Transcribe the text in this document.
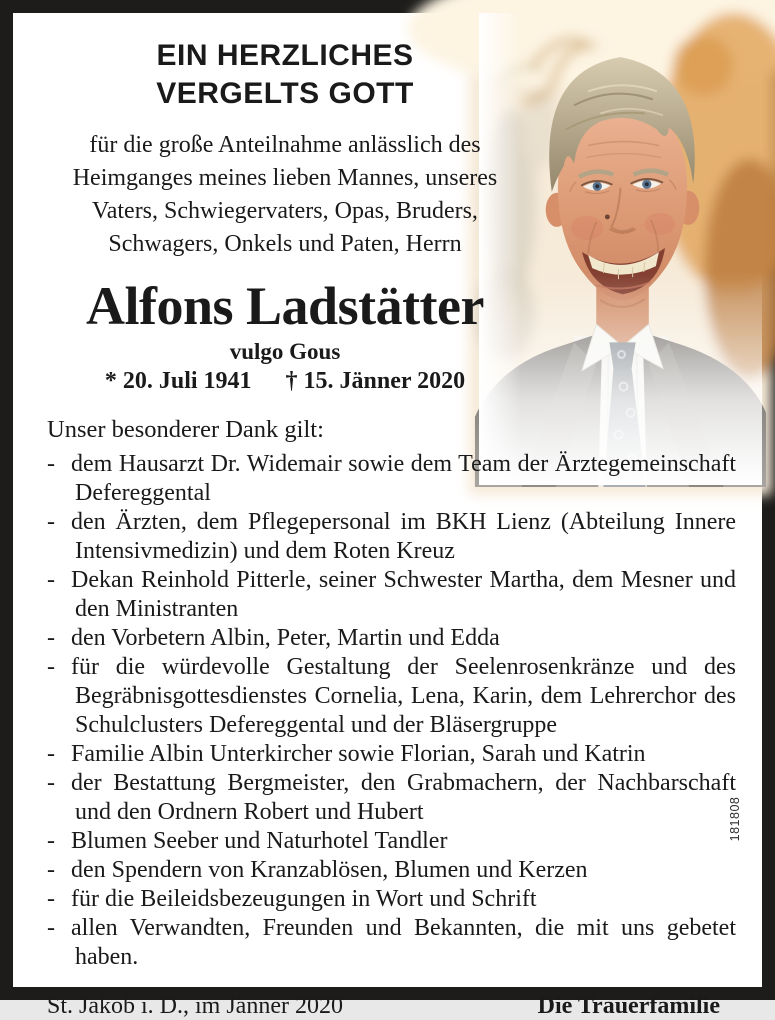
EIN HERZLICHES
VERGELTS GOTT

für die große Anteilnahme anlässlich des Heimganges meines lieben Mannes, unseres Vaters, Schwiegervaters, Opas, Bruders, Schwagers, Onkels und Paten, Herrn

Alfons Ladstätter
vulgo Gous
* 20. Juli 1941 † 15. Jänner 2020

Unser besonderer Dank gilt:

- dem Hausarzt Dr. Widemair sowie dem Team der Ärztegemeinschaft Defereggental
- den Ärzten, dem Pflegepersonal im BKH Lienz (Abteilung Innere Intensivmedizin) und dem Roten Kreuz
- Dekan Reinhold Pitterle, seiner Schwester Martha, dem Mesner und den Ministranten
- den Vorbetern Albin, Peter, Martin und Edda
- für die würdevolle Gestaltung der Seelenrosenkränze und des Begräbnisgottesdienstes Cornelia, Lena, Karin, dem Lehrerchor des Schulclusters Defereggental und der Bläsergruppe
- Familie Albin Unterkircher sowie Florian, Sarah und Katrin
- der Bestattung Bergmeister, den Grabmachern, der Nachbarschaft und den Ordnern Robert und Hubert
- Blumen Seeber und Naturhotel Tandler
- den Spendern von Kranzablösen, Blumen und Kerzen
- für die Beileidsbezeugungen in Wort und Schrift
- allen Verwandten, Freunden und Bekannten, die mit uns gebetet haben.
St. Jakob i. D., im Jänner 2020	Die Trauerfamilie
181808
